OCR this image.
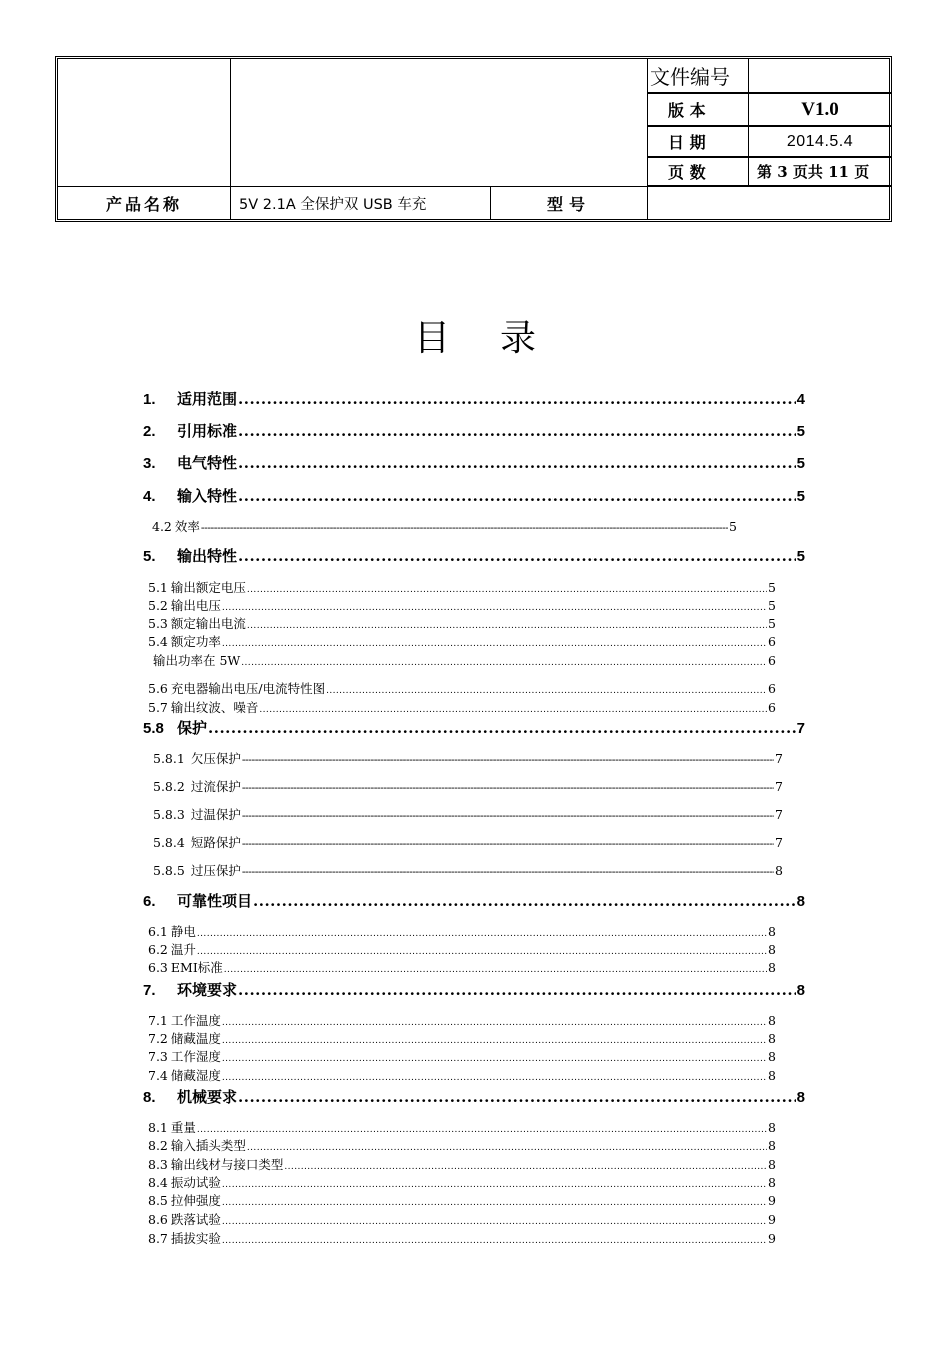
文件编号
版 本	V1.0
日 期	2014.5.4
页 数	第 3 页共 11 页
产品名称	5V 2.1A 全保护双 USB 车充	型号
目录
1.	适用范围 .....	4
2.	引用标准 .....	5
3.	电气特性 .....	5
4.	输入特性 .....	5
4.2 效率 -----	5
5.	输出特性 .....	5
5.1 输出额定电压 .....	5
5.2 输出电压 .....	5
5.3 额定输出电流 .....	5
5.4 额定功率 .....	6
输出功率在 5W .....	6
5.6 充电器输出电压/电流特性图 .....	6
5.7 输出纹波、噪音 .....	6
5.8 保护 .....	7
5.8.1 欠压保护 -----	7
5.8.2 过流保护 -----	7
5.8.3 过温保护 -----	7
5.8.4 短路保护 -----	7
5.8.5 过压保护 -----	8
6.	可靠性项目 .....	8
6.1 静电 .....	8
6.2 温升 .....	8
6.3 EMI标准 .....	8
7.	环境要求 .....	8
7.1 工作温度 .....	8
7.2 储藏温度 .....	8
7.3 工作湿度 .....	8
7.4 储藏湿度 .....	8
8.	机械要求 .....	8
8.1 重量 .....	8
8.2 输入插头类型 .....	8
8.3 输出线材与接口类型 .....	8
8.4 振动试验 .....	8
8.5 拉伸强度 .....	9
8.6 跌落试验 .....	9
8.7 插拔实验 .....	9
